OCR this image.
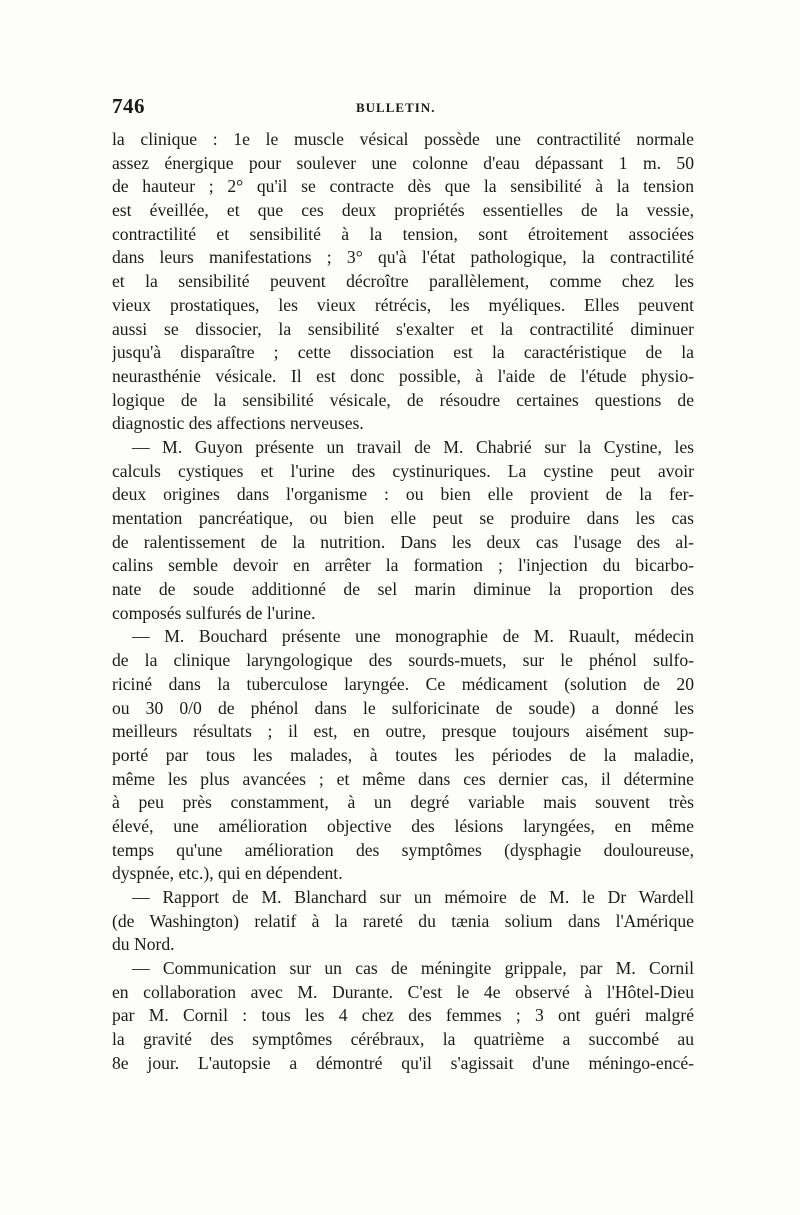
746	BULLETIN.
la clinique : 1e le muscle vésical possède une contractilité normale
assez énergique pour soulever une colonne d'eau dépassant 1 m. 50
de hauteur ; 2° qu'il se contracte dès que la sensibilité à la tension
est éveillée, et que ces deux propriétés essentielles de la vessie,
contractilité et sensibilité à la tension, sont étroitement associées
dans leurs manifestations ; 3° qu'à l'état pathologique, la contractilité
et la sensibilité peuvent décroître parallèlement, comme chez les
vieux prostatiques, les vieux rétrécis, les myéliques. Elles peuvent
aussi se dissocier, la sensibilité s'exalter et la contractilité diminuer
jusqu'à disparaître ; cette dissociation est la caractéristique de la
neurasthénie vésicale. Il est donc possible, à l'aide de l'étude physio-
logique de la sensibilité vésicale, de résoudre certaines questions de
diagnostic des affections nerveuses.
— M. Guyon présente un travail de M. Chabrié sur la Cystine, les
calculs cystiques et l'urine des cystinuriques. La cystine peut avoir
deux origines dans l'organisme : ou bien elle provient de la fer-
mentation pancréatique, ou bien elle peut se produire dans les cas
de ralentissement de la nutrition. Dans les deux cas l'usage des al-
calins semble devoir en arrêter la formation ; l'injection du bicarbo-
nate de soude additionné de sel marin diminue la proportion des
composés sulfurés de l'urine.
— M. Bouchard présente une monographie de M. Ruault, médecin
de la clinique laryngologique des sourds-muets, sur le phénol sulfo-
riciné dans la tuberculose laryngée. Ce médicament (solution de 20
ou 30 0/0 de phénol dans le sulforicinate de soude) a donné les
meilleurs résultats ; il est, en outre, presque toujours aisément sup-
porté par tous les malades, à toutes les périodes de la maladie,
même les plus avancées ; et même dans ces dernier cas, il détermine
à peu près constamment, à un degré variable mais souvent très
élevé, une amélioration objective des lésions laryngées, en même
temps qu'une amélioration des symptômes (dysphagie douloureuse,
dyspnée, etc.), qui en dépendent.
— Rapport de M. Blanchard sur un mémoire de M. le Dr Wardell
(de Washington) relatif à la rareté du tænia solium dans l'Amérique
du Nord.
— Communication sur un cas de méningite grippale, par M. Cornil
en collaboration avec M. Durante. C'est le 4e observé à l'Hôtel-Dieu
par M. Cornil : tous les 4 chez des femmes ; 3 ont guéri malgré
la gravité des symptômes cérébraux, la quatrième a succombé au
8e jour. L'autopsie a démontré qu'il s'agissait d'une méningo-encé-
